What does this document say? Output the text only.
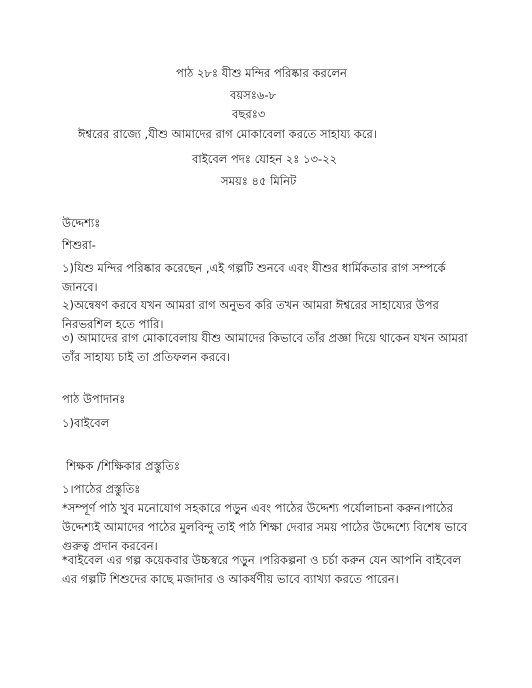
পাঠ ২৮ঃ যীশু মন্দির পরিষ্কার করলেন
বয়সঃ৬-৮
বছরঃ৩
ঈশ্বরের রাজ্যে ,যীশু আমাদের রাগ মোকাবেলা করতে সাহায্য করে।
বাইবেল পদঃ যোহন ২ঃ ১৩-২২
সময়ঃ ৪৫ মিনিট
উদ্দেশ্যঃ
শিশুরা-
১)যিশু মন্দির পরিষ্কার করেছেন ,এই গল্পটি শুনবে এবং যীশুর ধার্মিকতার রাগ সম্পর্কে জানবে।
২)অন্বেষণ করবে যখন আমরা রাগ অনুভব করি তখন আমরা ঈশ্বরের সাহায্যের উপর নিরভরশিল হতে পারি।
৩) আমাদের রাগ মোকাবেলায় যীশু আমাদের কিভাবে তাঁর প্রজ্ঞা দিয়ে থাকেন যখন আমরা তাঁর সাহায্য চাই তা প্রতিফলন করবে।
পাঠ উপাদানঃ
১)বাইবেল
শিক্ষক /শিক্ষিকার প্রস্তুতিঃ
১।পাঠের প্রস্তুতিঃ
*সম্পূর্ণ পাঠ খুব মনোযোগ সহকারে পড়ুন এবং পাঠের উদ্দেশ্য পর্যোলাচনা করুন।পাঠের উদ্দেশ্যই আমাদের পাঠের মুলবিন্দু তাই পাঠ শিক্ষা দেবার সময় পাঠের উদ্দেশ্যে বিশেষ ভাবে গুরুত্ব প্রদান করবেন।
*বাইবেল এর গল্প কয়েকবার উচ্চস্বরে পড়ুন ।পরিকল্পনা ও চর্চা করুন যেন আপনি বাইবেল এর গল্পটি শিশুদের কাছে মজাদার ও আকর্ষণীয় ভাবে ব্যাখ্যা করতে পারেন।
